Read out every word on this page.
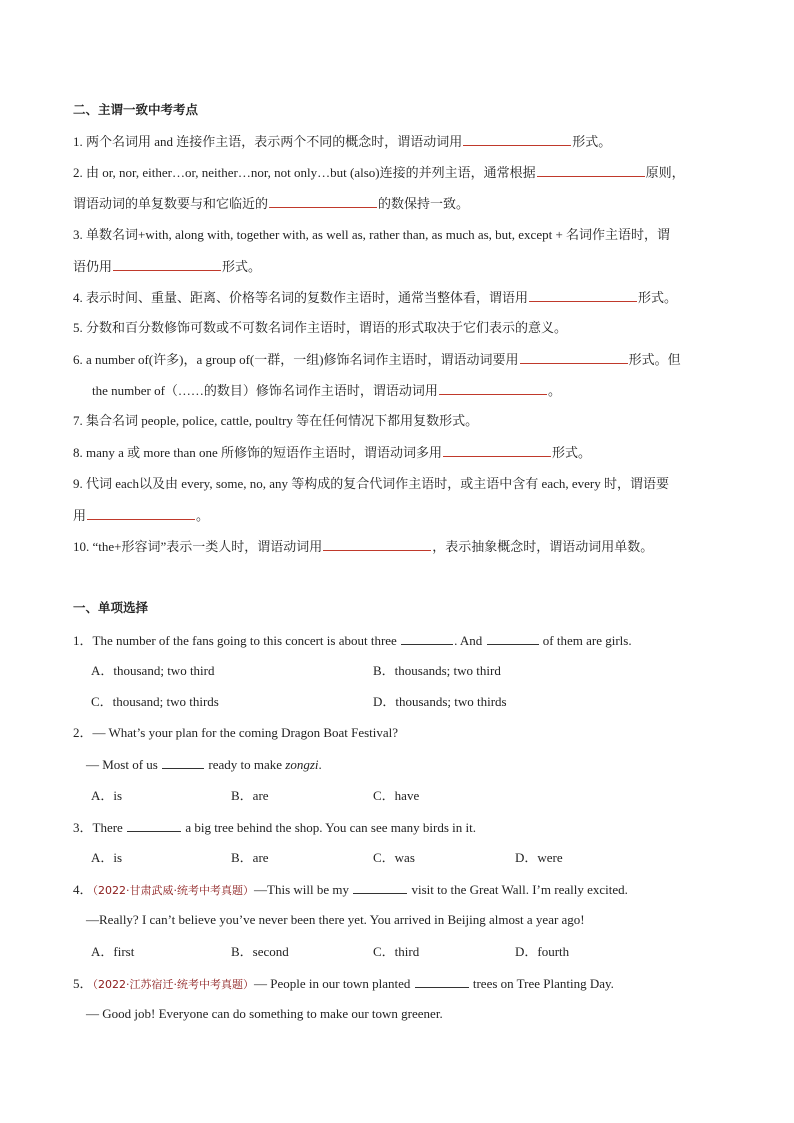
二、主谓一致中考考点
1. 两个名词用 and 连接作主语，表示两个不同的概念时，谓语动词用	形式。
2. 由 or, nor, either…or, neither…nor, not only…but (also)连接的并列主语，通常根据	原则，
谓语动词的单复数要与和它临近的	的数保持一致。
3. 单数名词+with, along with, together with, as well as, rather than, as much as, but, except + 名词作主语时，谓
语仍用	形式。
4. 表示时间、重量、距离、价格等名词的复数作主语时，通常当整体看，谓语用	形式。
5. 分数和百分数修饰可数或不可数名词作主语时，谓语的形式取决于它们表示的意义。
6. a number of(许多)，a group of(一群，一组)修饰名词作主语时，谓语动词要用	形式。但
the number of（……的数目）修饰名词作主语时，谓语动词用	。
7. 集合名词 people, police, cattle, poultry 等在任何情况下都用复数形式。
8. many a 或 more than one 所修饰的短语作主语时，谓语动词多用	形式。
9. 代词 each以及由 every, some, no, any 等构成的复合代词作主语时，或主语中含有 each, every 时，谓语要
用	。
10. “the+形容词”表示一类人时，谓语动词用	，表示抽象概念时，谓语动词用单数。
一、单项选择
1．The number of the fans going to this concert is about three	. And	of them are girls.
A．thousand; two third	B．thousands; two third
C．thousand; two thirds	D．thousands; two thirds
2．— What’s your plan for the coming Dragon Boat Festival?
— Most of us	ready to make zongzi.
A．is	B．are	C．have
3．There	a big tree behind the shop. You can see many birds in it.
A．is	B．are	C．was	D．were
4．（2022·甘肃武威·统考中考真题）—This will be my	visit to the Great Wall. I’m really excited.
—Really? I can’t believe you’ve never been there yet. You arrived in Beijing almost a year ago!
A．first	B．second	C．third	D．fourth
5．（2022·江苏宿迁·统考中考真题）— People in our town planted	trees on Tree Planting Day.
— Good job! Everyone can do something to make our town greener.
